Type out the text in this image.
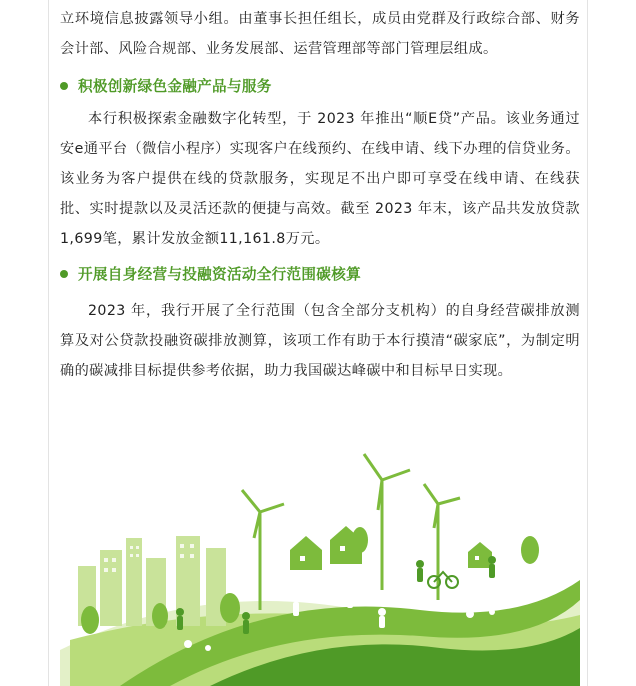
立环境信息披露领导小组。由董事长担任组长，成员由党群及行政综合部、财务会计部、风险合规部、业务发展部、运营管理部等部门管理层组成。

积极创新绿色金融产品与服务

本行积极探索金融数字化转型，于 2023 年推出“顺E贷”产品。该业务通过安e通平台（微信小程序）实现客户在线预约、在线申请、线下办理的信贷业务。该业务为客户提供在线的贷款服务，实现足不出户即可享受在线申请、在线获批、实时提款以及灵活还款的便捷与高效。截至 2023 年末，该产品共发放贷款1,699笔，累计发放金额11,161.8万元。

开展自身经营与投融资活动全行范围碳核算

2023 年，我行开展了全行范围（包含全部分支机构）的自身经营碳排放测算及对公贷款投融资碳排放测算，该项工作有助于本行摸清“碳家底”，为制定明确的碳减排目标提供参考依据，助力我国碳达峰碳中和目标早日实现。
